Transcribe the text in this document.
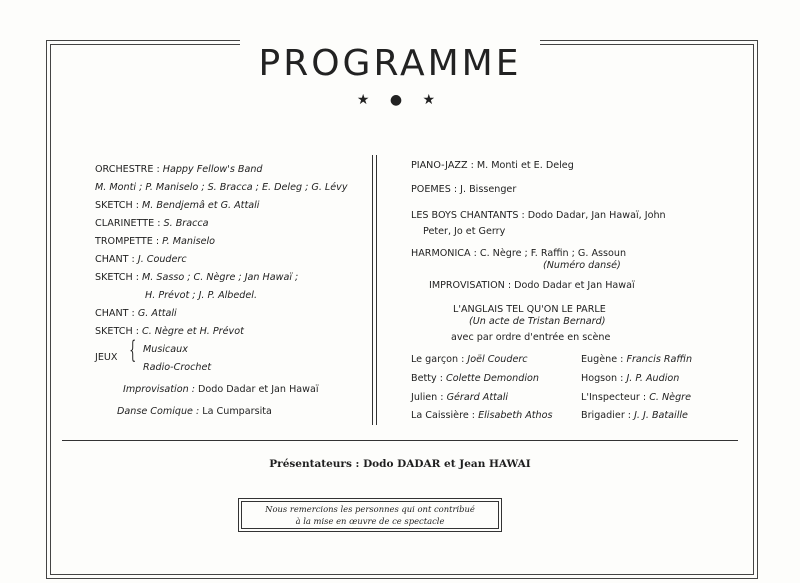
PROGRAMME
★ ● ★
ORCHESTRE : Happy Fellow's Band
M. Monti ; P. Maniselo ; S. Bracca ; E. Deleg ; G. Lévy
SKETCH : M. Bendjemâ et G. Attali
CLARINETTE : S. Bracca
TROMPETTE : P. Maniselo
CHANT : J. Couderc
SKETCH : M. Sasso ; C. Nègre ; Jan Hawaï ;
H. Prévot ; J. P. Albedel.
CHANT : G. Attali
SKETCH : C. Nègre et H. Prévot
JEUX { Musicaux
Radio-Crochet
Improvisation : Dodo Dadar et Jan Hawaï
Danse Comique : La Cumparsita
PIANO-JAZZ : M. Monti et E. Deleg
POEMES : J. Bissenger
LES BOYS CHANTANTS : Dodo Dadar, Jan Hawaï, John
Peter, Jo et Gerry
HARMONICA : C. Nègre ; F. Raffin ; G. Assoun
(Numéro dansé)
IMPROVISATION : Dodo Dadar et Jan Hawaï
L'ANGLAIS TEL QU'ON LE PARLE
(Un acte de Tristan Bernard)
avec par ordre d'entrée en scène
Le garçon : Joël Couderc
Betty : Colette Demondion
Julien : Gérard Attali
La Caissière : Elisabeth Athos
Eugène : Francis Raffin
Hogson : J. P. Audion
L'Inspecteur : C. Nègre
Brigadier : J. J. Bataille
Présentateurs : Dodo DADAR et Jean HAWAI
Nous remercions les personnes qui ont contribué
à la mise en œuvre de ce spectacle
